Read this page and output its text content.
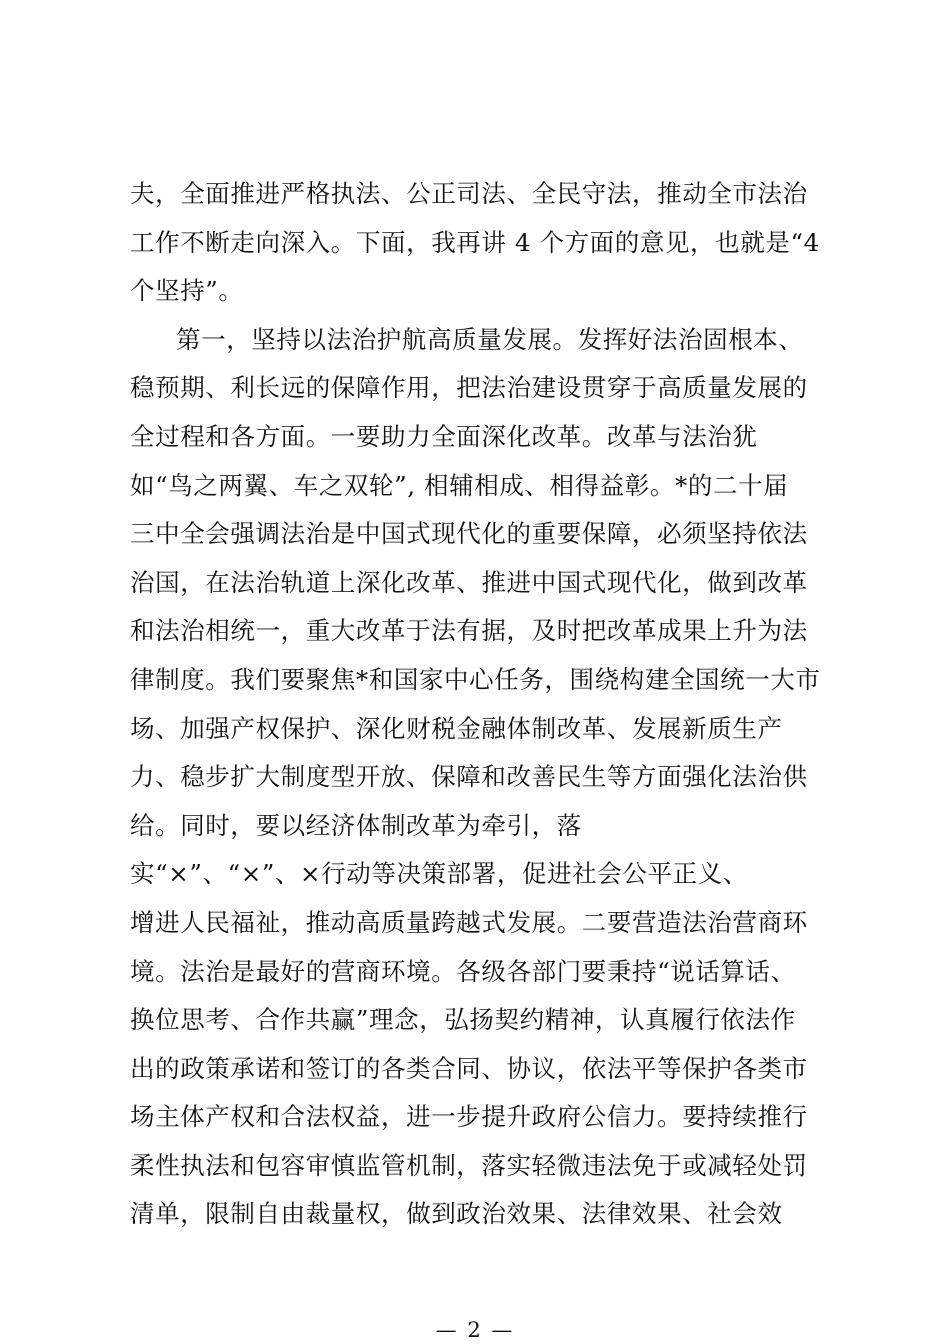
夫，全面推进严格执法、公正司法、全民守法，推动全市法治
工作不断走向深入。下面，我再讲 4 个方面的意见，也就是“4
个坚持”。
第一，坚持以法治护航高质量发展。发挥好法治固根本、
稳预期、利长远的保障作用，把法治建设贯穿于高质量发展的
全过程和各方面。一要助力全面深化改革。改革与法治犹
如“鸟之两翼、车之双轮”, 相辅相成、相得益彰。*的二十届
三中全会强调法治是中国式现代化的重要保障，必须坚持依法
治国，在法治轨道上深化改革、推进中国式现代化，做到改革
和法治相统一，重大改革于法有据，及时把改革成果上升为法
律制度。我们要聚焦*和国家中心任务，围绕构建全国统一大市
场、加强产权保护、深化财税金融体制改革、发展新质生产
力、稳步扩大制度型开放、保障和改善民生等方面强化法治供
给。同时，要以经济体制改革为牵引，落
实“×”、“×”、×行动等决策部署，促进社会公平正义、
增进人民福祉，推动高质量跨越式发展。二要营造法治营商环
境。法治是最好的营商环境。各级各部门要秉持“说话算话、
换位思考、合作共赢”理念，弘扬契约精神，认真履行依法作
出的政策承诺和签订的各类合同、协议，依法平等保护各类市
场主体产权和合法权益，进一步提升政府公信力。要持续推行
柔性执法和包容审慎监管机制，落实轻微违法免于或减轻处罚
清单，限制自由裁量权，做到政治效果、法律效果、社会效
— 2 —
